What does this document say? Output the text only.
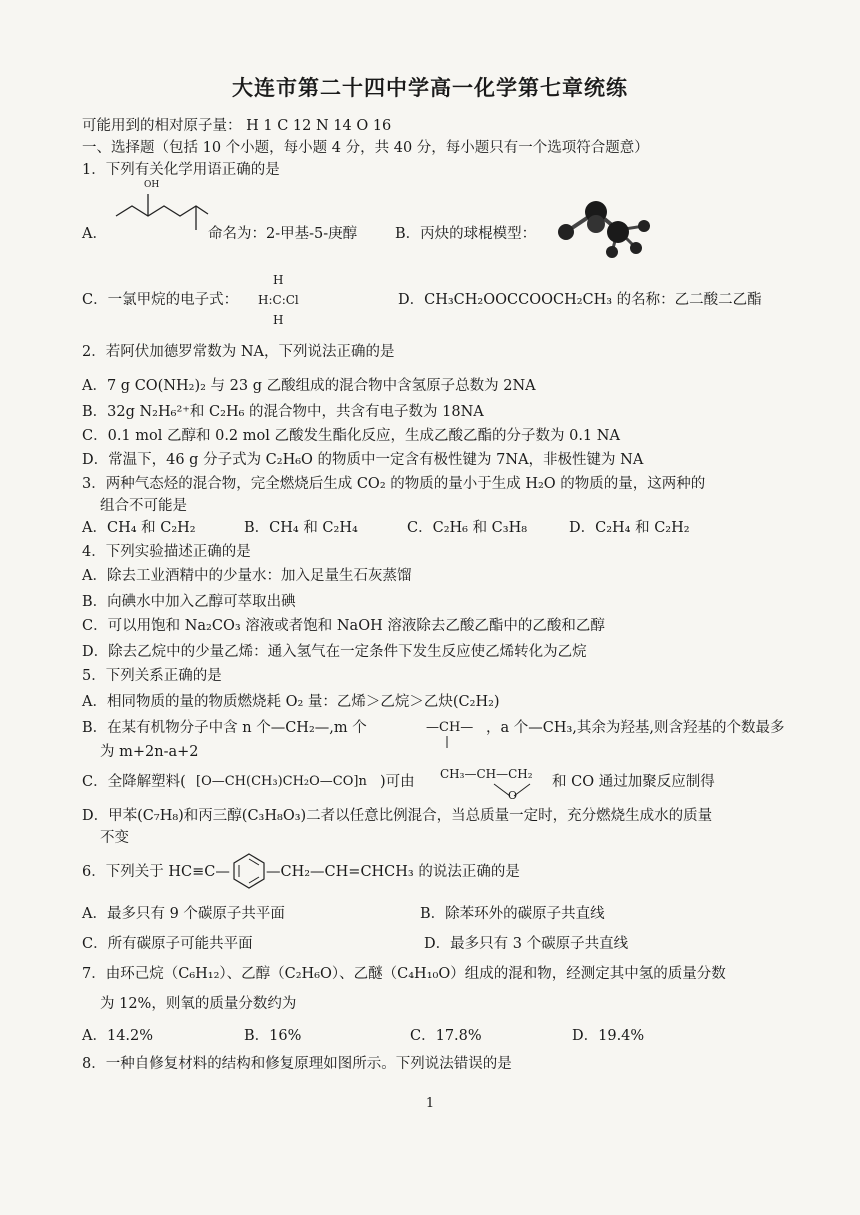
大连市第二十四中学高一化学第七章统练
可能用到的相对原子量： H 1 C 12 N 14 O 16
一、选择题（包括 10 个小题，每小题 4 分，共 40 分，每小题只有一个选项符合题意）
1．下列有关化学用语正确的是
A．
OH
命名为：2-甲基-5-庚醇	B．丙炔的球棍模型：
C．一氯甲烷的电子式：
H
H:C:Cl
H
D．CH₃CH₂OOCCOOCH₂CH₃ 的名称：乙二酸二乙酯
2．若阿伏加德罗常数为 NA，下列说法正确的是
A．7 g CO(NH₂)₂ 与 23 g 乙酸组成的混合物中含氢原子总数为 2NA
B．32g N₂H₆²⁺和 C₂H₆ 的混合物中，共含有电子数为 18NA
C．0.1 mol 乙醇和 0.2 mol 乙酸发生酯化反应，生成乙酸乙酯的分子数为 0.1 NA
D．常温下，46 g 分子式为 C₂H₆O 的物质中一定含有极性键为 7NA，非极性键为 NA
3．两种气态烃的混合物，完全燃烧后生成 CO₂ 的物质的量小于生成 H₂O 的物质的量，这两种的
组合不可能是
A．CH₄ 和 C₂H₂	B．CH₄ 和 C₂H₄	C．C₂H₆ 和 C₃H₈	D．C₂H₄ 和 C₂H₂
4．下列实验描述正确的是
A．除去工业酒精中的少量水：加入足量生石灰蒸馏
B．向碘水中加入乙醇可萃取出碘
C．可以用饱和 Na₂CO₃ 溶液或者饱和 NaOH 溶液除去乙酸乙酯中的乙酸和乙醇
D．除去乙烷中的少量乙烯：通入氢气在一定条件下发生反应使乙烯转化为乙烷
5．下列关系正确的是
A．相同物质的量的物质燃烧耗 O₂ 量：乙烯＞乙烷＞乙炔(C₂H₂)
B．在某有机物分子中含 n 个—CH₂—,m 个	—CH— ，a 个—CH₃,其余为羟基,则含羟基的个数最多
为 m+2n-a+2
C．全降解塑料( [O—CH(CH₃)CH₂O—CO]n )可由 CH₃—CH—CH₂
O
和 CO 通过加聚反应制得
D．甲苯(C₇H₈)和丙三醇(C₃H₈O₃)二者以任意比例混合，当总质量一定时，充分燃烧生成水的质量
不变
6．下列关于 HC≡C— —CH₂—CH=CHCH₃ 的说法正确的是
A．最多只有 9 个碳原子共平面	B．除苯环外的碳原子共直线
C．所有碳原子可能共平面	D．最多只有 3 个碳原子共直线
7．由环己烷（C₆H₁₂）、乙醇（C₂H₆O）、乙醚（C₄H₁₀O）组成的混和物，经测定其中氢的质量分数
为 12%，则氧的质量分数约为
A．14.2%	B．16%	C．17.8%	D．19.4%
8．一种自修复材料的结构和修复原理如图所示。下列说法错误的是
1
